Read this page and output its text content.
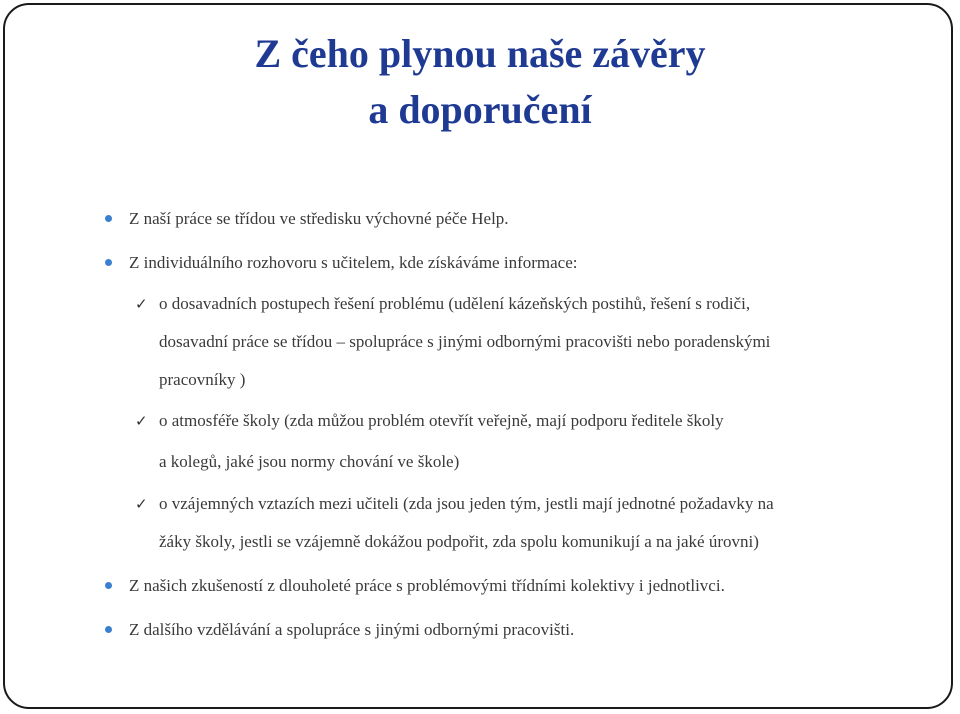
Z čeho plynou naše závěry
a doporučení
Z naší práce se třídou ve středisku výchovné péče Help.
Z individuálního rozhovoru s učitelem, kde získáváme informace:
✓ o dosavadních postupech řešení problému (udělení kázeňských postihů, řešení s rodiči,
dosavadní práce se třídou – spolupráce s jinými odbornými pracovišti nebo poradenskými
pracovníky )
✓ o atmosféře školy (zda můžou problém otevřít veřejně, mají podporu ředitele školy
a kolegů, jaké jsou normy chování ve škole)
✓ o vzájemných vztazích mezi učiteli (zda jsou jeden tým, jestli mají jednotné požadavky na
žáky školy, jestli se vzájemně dokážou podpořit, zda spolu komunikují a na jaké úrovni)
Z našich zkušeností z dlouholeté práce s problémovými třídními kolektivy i jednotlivci.
Z dalšího vzdělávání a spolupráce s jinými odbornými pracovišti.
